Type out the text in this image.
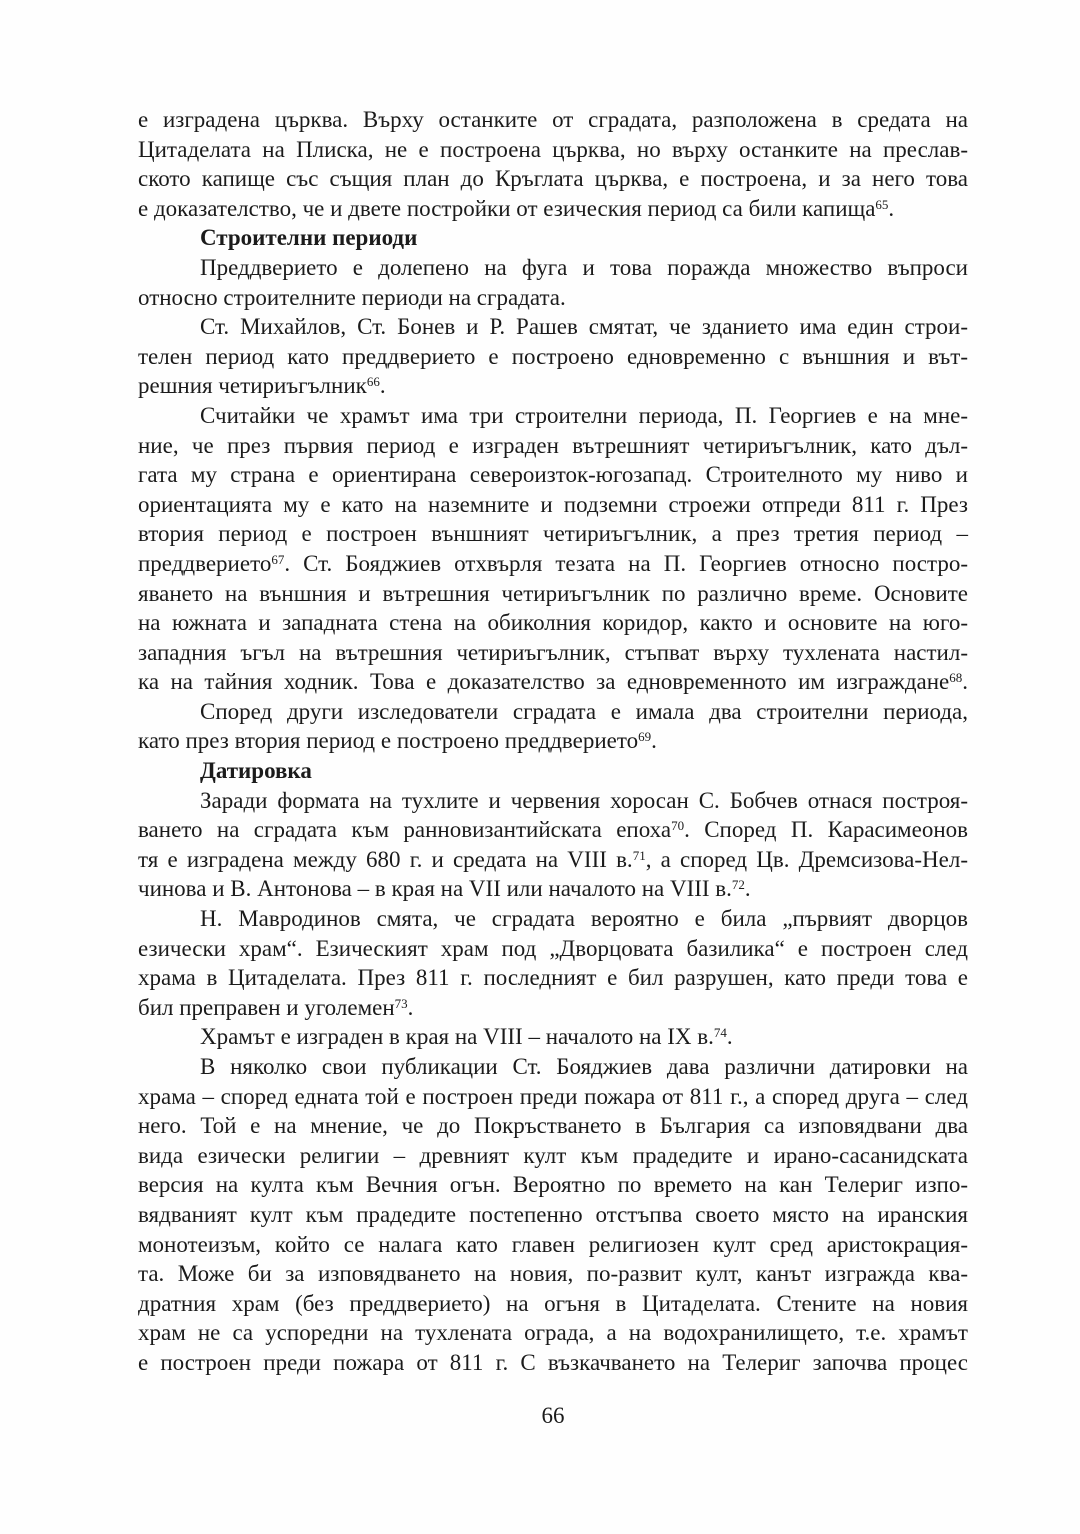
е изградена църква. Върху останките от сградата, разположена в средата на
Цитаделата на Плиска, не е построена църква, но върху останките на преслав-
ското капище със същия план до Кръглата църква, е построена, и за него това
е доказателство, че и двете постройки от езическия период са били капища$^{65}$.
Строителни периоди
Преддверието е долепено на фуга и това поражда множество въпроси
относно строителните периоди на сградата.
Ст. Михайлов, Ст. Бонев и Р. Рашев смятат, че зданието има един строи-
телен период като преддверието е построено едновременно с външния и вът-
решния четириъгълник$^{66}$.
Считайки че храмът има три строителни периода, П. Георгиев е на мне-
ние, че през първия период е изграден вътрешният четириъгълник, като дъл-
гата му страна е ориентирана североизток-югозапад. Строителното му ниво и
ориентацията му е като на наземните и подземни строежи отпреди 811 г. През
втория период е построен външният четириъгълник, а през третия период –
преддверието$^{67}$. Ст. Бояджиев отхвърля тезата на П. Георгиев относно постро-
яването на външния и вътрешния четириъгълник по различно време. Основите
на южната и западната стена на обиколния коридор, както и основите на юго-
западния ъгъл на вътрешния четириъгълник, стъпват върху тухлената настил-
ка на тайния ходник. Това е доказателство за едновременното им изграждане$^{68}$.
Според други изследователи сградата е имала два строителни периода,
като през втория период е построено преддверието$^{69}$.
Датировка
Заради формата на тухлите и червения хоросан С. Бобчев отнася построя-
ването на сградата към ранновизантийската епоха$^{70}$. Според П. Карасимеонов
тя е изградена между 680 г. и средата на VIII в.$^{71}$, а според Цв. Дремсизова-Нел-
чинова и В. Антонова – в края на VII или началото на VIII в.$^{72}$.
Н. Мавродинов смята, че сградата вероятно е била „първият дворцов
езически храм“. Езическият храм под „Дворцовата базилика“ е построен след
храма в Цитаделата. През 811 г. последният е бил разрушен, като преди това е
бил преправен и уголемен$^{73}$.
Храмът е изграден в края на VIII – началото на IX в.$^{74}$.
В няколко свои публикации Ст. Бояджиев дава различни датировки на
храма – според едната той е построен преди пожара от 811 г., а според друга – след
него. Той е на мнение, че до Покръстването в България са изповядвани два
вида езически религии – древният култ към прадедите и ирано-сасанидската
версия на култа към Вечния огън. Вероятно по времето на кан Телериг изпо-
вядваният култ към прадедите постепенно отстъпва своето място на иранския
монотеизъм, който се налага като главен религиозен култ сред аристокрация-
та. Може би за изповядването на новия, по-развит култ, канът изгражда ква-
дратния храм (без преддверието) на огъня в Цитаделата. Стените на новия
храм не са успоредни на тухлената ограда, а на водохранилището, т.е. храмът
е построен преди пожара от 811 г. С възкачването на Телериг започва процес
66
